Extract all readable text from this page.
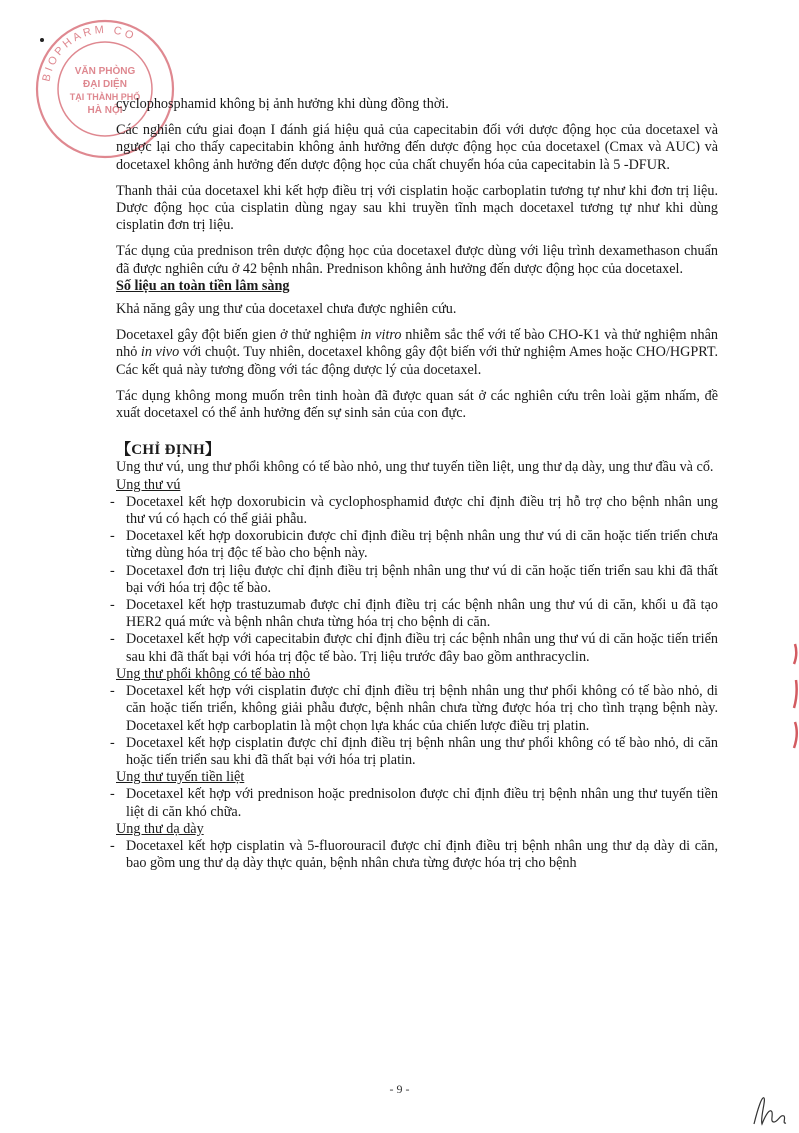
BIOPHARM CO
VĂN PHÒNG
ĐẠI DIỆN
TẠI THÀNH PHỐ
HÀ NỘI

cyclophosphamid không bị ảnh hưởng khi dùng đồng thời.

Các nghiên cứu giai đoạn I đánh giá hiệu quả của capecitabin đối với dược động học của docetaxel và ngược lại cho thấy capecitabin không ảnh hưởng đến dược động học của docetaxel (Cmax và AUC) và docetaxel không ảnh hưởng đến dược động học của chất chuyển hóa của capecitabin là 5 -DFUR.

Thanh thải của docetaxel khi kết hợp điều trị với cisplatin hoặc carboplatin tương tự như khi đơn trị liệu. Dược động học của cisplatin dùng ngay sau khi truyền tĩnh mạch docetaxel tương tự như khi dùng cisplatin đơn trị liệu.

Tác dụng của prednison trên dược động học của docetaxel được dùng với liệu trình dexamethason chuẩn đã được nghiên cứu ở 42 bệnh nhân. Prednison không ảnh hưởng đến dược động học của docetaxel.

Số liệu an toàn tiền lâm sàng

Khả năng gây ung thư của docetaxel chưa được nghiên cứu.

Docetaxel gây đột biến gien ở thử nghiệm in vitro nhiễm sắc thể với tế bào CHO-K1 và thử nghiệm nhân nhỏ in vivo với chuột. Tuy nhiên, docetaxel không gây đột biến với thử nghiệm Ames hoặc CHO/HGPRT. Các kết quả này tương đồng với tác động dược lý của docetaxel.

Tác dụng không mong muốn trên tinh hoàn đã được quan sát ở các nghiên cứu trên loài gặm nhấm, đề xuất docetaxel có thể ảnh hưởng đến sự sinh sản của con đực.

【CHỈ ĐỊNH】

Ung thư vú, ung thư phổi không có tế bào nhỏ, ung thư tuyến tiền liệt, ung thư dạ dày, ung thư đầu và cổ.

Ung thư vú
- Docetaxel kết hợp doxorubicin và cyclophosphamid được chỉ định điều trị hỗ trợ cho bệnh nhân ung thư vú có hạch có thể giải phẫu.
- Docetaxel kết hợp doxorubicin được chỉ định điều trị bệnh nhân ung thư vú di căn hoặc tiến triển chưa từng dùng hóa trị độc tế bào cho bệnh này.
- Docetaxel đơn trị liệu được chỉ định điều trị bệnh nhân ung thư vú di căn hoặc tiến triển sau khi đã thất bại với hóa trị độc tế bào.
- Docetaxel kết hợp trastuzumab được chỉ định điều trị các bệnh nhân ung thư vú di căn, khối u đã tạo HER2 quá mức và bệnh nhân chưa từng hóa trị cho bệnh di căn.
- Docetaxel kết hợp với capecitabin được chỉ định điều trị các bệnh nhân ung thư vú di căn hoặc tiến triển sau khi đã thất bại với hóa trị độc tế bào. Trị liệu trước đây bao gồm anthracyclin.
Ung thư phổi không có tế bào nhỏ
- Docetaxel kết hợp với cisplatin được chỉ định điều trị bệnh nhân ung thư phổi không có tế bào nhỏ, di căn hoặc tiến triển, không giải phẫu được, bệnh nhân chưa từng được hóa trị cho tình trạng bệnh này. Docetaxel kết hợp carboplatin là một chọn lựa khác của chiến lược điều trị platin.
- Docetaxel kết hợp cisplatin được chỉ định điều trị bệnh nhân ung thư phổi không có tế bào nhỏ, di căn hoặc tiến triển sau khi đã thất bại với hóa trị platin.
Ung thư tuyến tiền liệt
- Docetaxel kết hợp với prednison hoặc prednisolon được chỉ định điều trị bệnh nhân ung thư tuyến tiền liệt di căn khó chữa.
Ung thư dạ dày
- Docetaxel kết hợp cisplatin và 5-fluorouracil được chỉ định điều trị bệnh nhân ung thư dạ dày di căn, bao gồm ung thư dạ dày thực quản, bệnh nhân chưa từng được hóa trị cho bệnh
- 9 -
